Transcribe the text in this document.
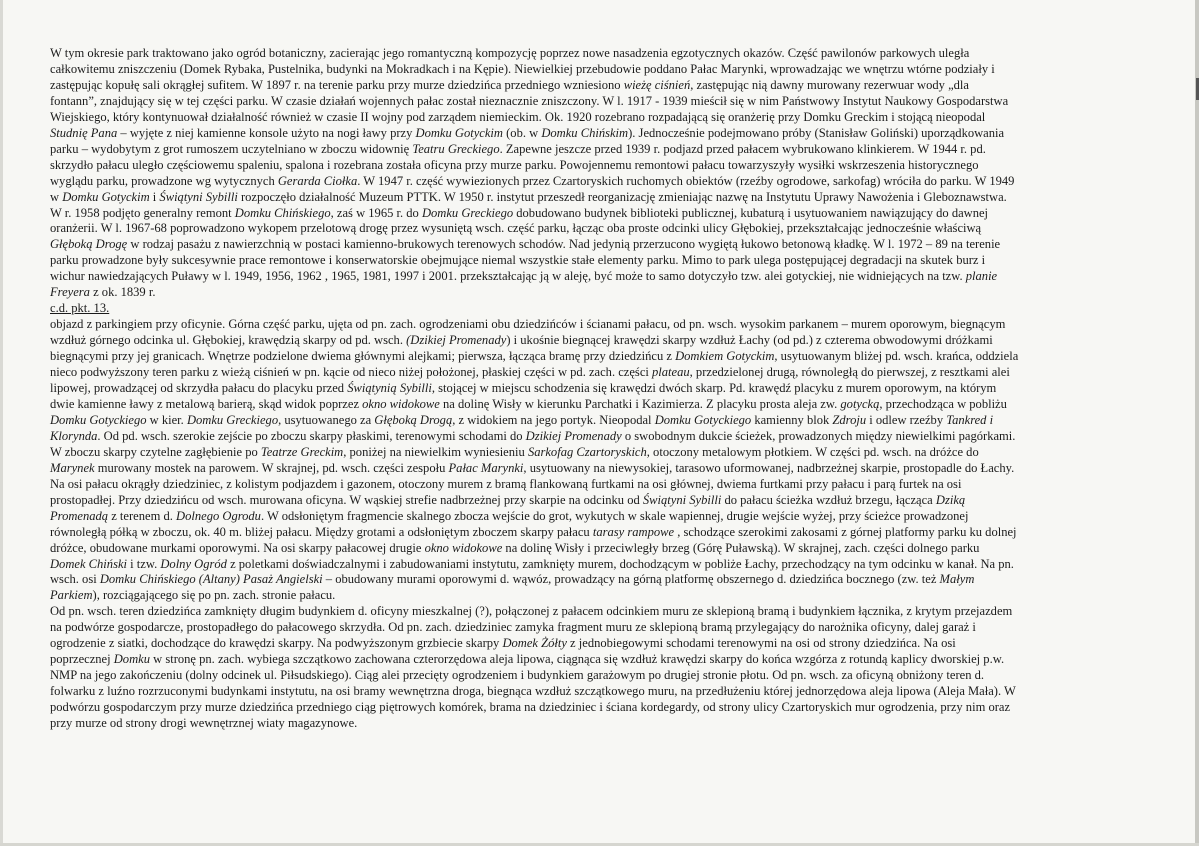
W tym okresie park traktowano jako ogród botaniczny, zacierając jego romantyczną kompozycję poprzez nowe nasadzenia egzotycznych okazów. Część pawilonów parkowych uległa
całkowitemu zniszczeniu (Domek Rybaka, Pustelnika, budynki na Mokradkach i na Kępie). Niewielkiej przebudowie poddano Pałac Marynki, wprowadzając we wnętrzu wtórne podziały i
zastępując kopułę sali okrągłej sufitem. W 1897 r. na terenie parku przy murze dziedzińca przedniego wzniesiono wieżę ciśnień, zastępując nią dawny murowany rezerwuar wody „dla
fontann”, znajdujący się w tej części parku. W czasie działań wojennych pałac został nieznacznie zniszczony. W l. 1917 - 1939 mieścił się w nim Państwowy Instytut Naukowy Gospodarstwa
Wiejskiego, który kontynuował działalność również w czasie II wojny pod zarządem niemieckim. Ok. 1920 rozebrano rozpadającą się oranżerię przy Domku Greckim i stojącą nieopodal
Studnię Pana – wyjęte z niej kamienne konsole użyto na nogi ławy przy Domku Gotyckim (ob. w Domku Chińskim). Jednocześnie podejmowano próby (Stanisław Goliński) uporządkowania
parku – wydobytym z grot rumoszem uczytelniano w zboczu widownię Teatru Greckiego. Zapewne jeszcze przed 1939 r. podjazd przed pałacem wybrukowano klinkierem. W 1944 r. pd.
skrzydło pałacu uległo częściowemu spaleniu, spalona i rozebrana została oficyna przy murze parku. Powojennemu remontowi pałacu towarzyszyły wysiłki wskrzeszenia historycznego
wyglądu parku, prowadzone wg wytycznych Gerarda Ciołka. W 1947 r. część wywiezionych przez Czartoryskich ruchomych obiektów (rzeźby ogrodowe, sarkofag) wróciła do parku. W 1949
w Domku Gotyckim i Świątyni Sybilli rozpoczęło działalność Muzeum PTTK. W 1950 r. instytut przeszedł reorganizację zmieniając nazwę na Instytutu Uprawy Nawożenia i Gleboznawstwa.
W r. 1958 podjęto generalny remont Domku Chińskiego, zaś w 1965 r. do Domku Greckiego dobudowano budynek biblioteki publicznej, kubaturą i usytuowaniem nawiązujący do dawnej
oranżerii. W l. 1967-68 poprowadzono wykopem przelotową drogę przez wysuniętą wsch. część parku, łącząc oba proste odcinki ulicy Głębokiej, przekształcając jednocześnie właściwą
Głęboką Drogę w rodzaj pasażu z nawierzchnią w postaci kamienno-brukowych terenowych schodów. Nad jedynią przerzucono wygiętą łukowo betonową kładkę. W l. 1972 – 89 na terenie
parku prowadzone były sukcesywnie prace remontowe i konserwatorskie obejmujące niemal wszystkie stałe elementy parku. Mimo to park ulega postępującej degradacji na skutek burz i
wichur nawiedzających Puławy w l. 1949, 1956, 1962 , 1965, 1981, 1997 i 2001. przekształcając ją w aleję, być może to samo dotyczyło tzw. alei gotyckiej, nie widniejących na tzw. planie
Freyera z ok. 1839 r.

c.d. pkt. 13.

objazd z parkingiem przy oficynie. Górna część parku, ujęta od pn. zach. ogrodzeniami obu dziedzińców i ścianami pałacu, od pn. wsch. wysokim parkanem – murem oporowym, biegnącym
wzdłuż górnego odcinka ul. Głębokiej, krawędzią skarpy od pd. wsch. (Dzikiej Promenady) i ukośnie biegnącej krawędzi skarpy wzdłuż Łachy (od pd.) z czterema obwodowymi dróżkami
biegnącymi przy jej granicach. Wnętrze podzielone dwiema głównymi alejkami; pierwsza, łącząca bramę przy dziedzińcu z Domkiem Gotyckim, usytuowanym bliżej pd. wsch. krańca, oddziela
nieco podwyższony teren parku z wieżą ciśnień w pn. kącie od nieco niżej położonej, płaskiej części w pd. zach. części plateau, przedzielonej drugą, równoległą do pierwszej, z resztkami alei
lipowej, prowadzącej od skrzydła pałacu do placyku przed Świątynią Sybilli, stojącej w miejscu schodzenia się krawędzi dwóch skarp. Pd. krawędź placyku z murem oporowym, na którym
dwie kamienne ławy z metalową barierą, skąd widok poprzez okno widokowe na dolinę Wisły w kierunku Parchatki i Kazimierza. Z placyku prosta aleja zw. gotycką, przechodząca w pobliżu
Domku Gotyckiego w kier. Domku Greckiego, usytuowanego za Głęboką Drogą, z widokiem na jego portyk. Nieopodal Domku Gotyckiego kamienny blok Zdroju i odlew rzeźby Tankred i
Klorynda. Od pd. wsch. szerokie zejście po zboczu skarpy płaskimi, terenowymi schodami do Dzikiej Promenady o swobodnym dukcie ścieżek, prowadzonych między niewielkimi pagórkami.
W zboczu skarpy czytelne zagłębienie po Teatrze Greckim, poniżej na niewielkim wyniesieniu Sarkofag Czartoryskich, otoczony metalowym płotkiem. W części pd. wsch. na dróżce do
Marynek murowany mostek na parowem. W skrajnej, pd. wsch. części zespołu Pałac Marynki, usytuowany na niewysokiej, tarasowo uformowanej, nadbrzeżnej skarpie, prostopadle do Łachy.
Na osi pałacu okrągły dziedziniec, z kolistym podjazdem i gazonem, otoczony murem z bramą flankowaną furtkami na osi głównej, dwiema furtkami przy pałacu i parą furtek na osi
prostopadłej. Przy dziedzińcu od wsch. murowana oficyna. W wąskiej strefie nadbrzeżnej przy skarpie na odcinku od Świątyni Sybilli do pałacu ścieżka wzdłuż brzegu, łącząca Dziką
Promenadą z terenem d. Dolnego Ogrodu. W odsłoniętym fragmencie skalnego zbocza wejście do grot, wykutych w skale wapiennej, drugie wejście wyżej, przy ścieżce prowadzonej
równoległą półką w zboczu, ok. 40 m. bliżej pałacu. Między grotami a odsłoniętym zboczem skarpy pałacu tarasy rampowe , schodzące szerokimi zakosami z górnej platformy parku ku dolnej
dróżce, obudowane murkami oporowymi. Na osi skarpy pałacowej drugie okno widokowe na dolinę Wisły i przeciwległy brzeg (Górę Puławską). W skrajnej, zach. części dolnego parku
Domek Chiński i tzw. Dolny Ogród z poletkami doświadczalnymi i zabudowaniami instytutu, zamknięty murem, dochodzącym w pobliże Łachy, przechodzący na tym odcinku w kanał. Na pn.
wsch. osi Domku Chińskiego (Altany) Pasaż Angielski – obudowany murami oporowymi d. wąwóz, prowadzący na górną platformę obszernego d. dziedzińca bocznego (zw. też Małym
Parkiem), rozciągającego się po pn. zach. stronie pałacu.

Od pn. wsch. teren dziedzińca zamknięty długim budynkiem d. oficyny mieszkalnej (?), połączonej z pałacem odcinkiem muru ze sklepioną bramą i budynkiem łącznika, z krytym przejazdem
na podwórze gospodarcze, prostopadłego do pałacowego skrzydła. Od pn. zach. dziedziniec zamyka fragment muru ze sklepioną bramą przylegający do narożnika oficyny, dalej garaż i
ogrodzenie z siatki, dochodzące do krawędzi skarpy. Na podwyższonym grzbiecie skarpy Domek Żółty z jednobiegowymi schodami terenowymi na osi od strony dziedzińca. Na osi
poprzecznej Domku w stronę pn. zach. wybiega szczątkowo zachowana czterorzędowa aleja lipowa, ciągnąca się wzdłuż krawędzi skarpy do końca wzgórza z rotundą kaplicy dworskiej p.w.
NMP na jego zakończeniu (dolny odcinek ul. Piłsudskiego). Ciąg alei przecięty ogrodzeniem i budynkiem garażowym po drugiej stronie płotu. Od pn. wsch. za oficyną obniżony teren d.
folwarku z luźno rozrzuconymi budynkami instytutu, na osi bramy wewnętrzna droga, biegnąca wzdłuż szczątkowego muru, na przedłużeniu której jednorzędowa aleja lipowa (Aleja Mała). W
podwórzu gospodarczym przy murze dziedzińca przedniego ciąg piętrowych komórek, brama na dziedziniec i ściana kordegardy, od strony ulicy Czartoryskich mur ogrodzenia, przy nim oraz
przy murze od strony drogi wewnętrznej wiaty magazynowe.
